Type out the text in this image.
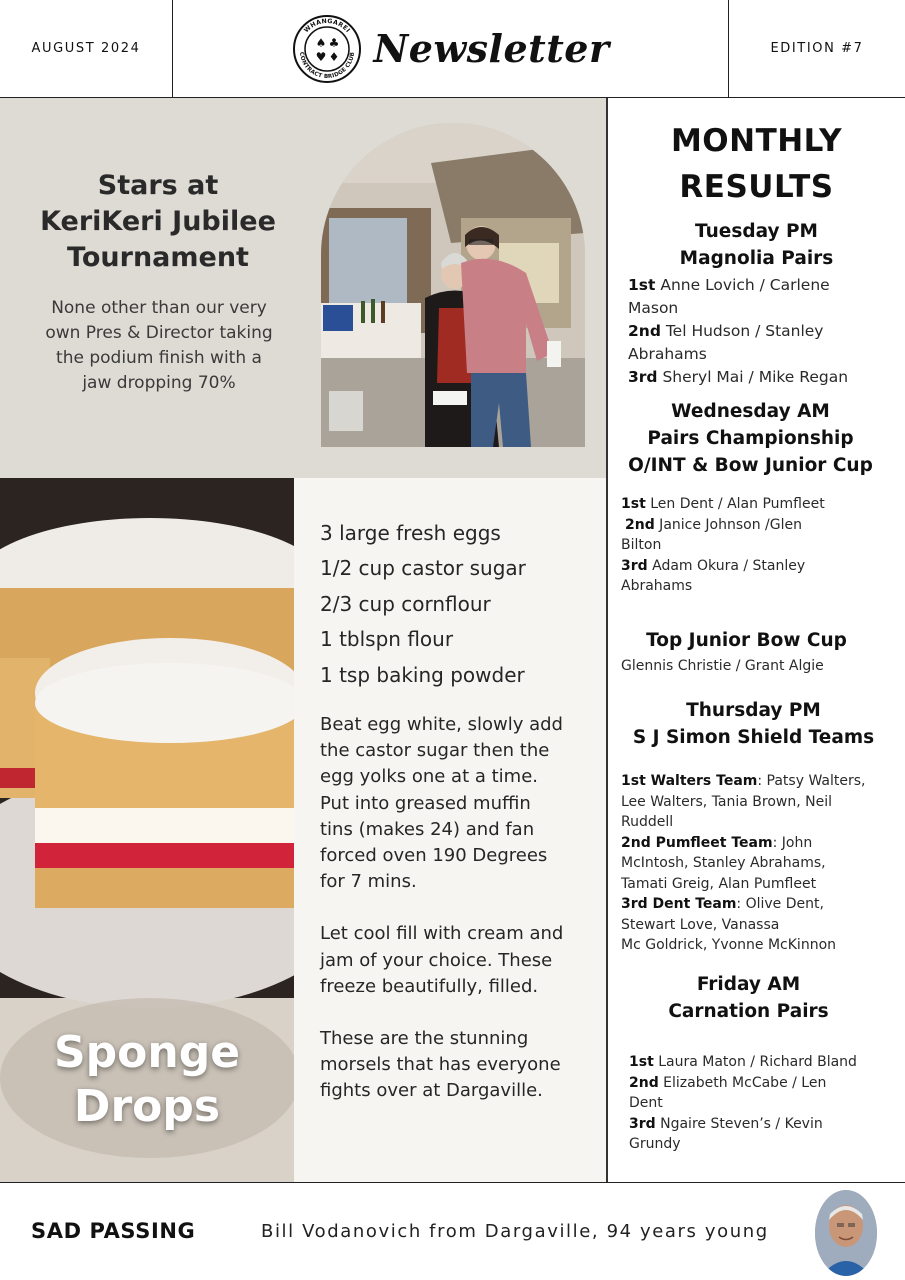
AUGUST 2024
WHANGAREI
CONTRACT BRIDGE CLUB
♠ ♣
♥ ♦ Newsletter	EDITION #7
Stars at
KeriKeri Jubilee
Tournament
None other than our very
own Pres & Director taking
the podium finish with a
jaw dropping 70%
Sponge
Drops
3 large fresh eggs
1/2 cup castor sugar
2/3 cup cornflour
1 tblspn flour
1 tsp baking powder

Beat egg white, slowly add
the castor sugar then the
egg yolks one at a time.
Put into greased muffin
tins (makes 24) and fan
forced oven 190 Degrees
for 7 mins.

Let cool fill with cream and
jam of your choice. These
freeze beautifully, filled.

These are the stunning
morsels that has everyone
fights over at Dargaville.

MONTHLY
RESULTS
Tuesday PM
Magnolia Pairs
1st Anne Lovich / Carlene
Mason
2nd Tel Hudson / Stanley
Abrahams
3rd Sheryl Mai / Mike Regan
Wednesday AM
Pairs Championship
O/INT & Bow Junior Cup
1st Len Dent / Alan Pumfleet
2nd Janice Johnson /Glen
Bilton
3rd Adam Okura / Stanley
Abrahams
Top Junior Bow Cup
Glennis Christie / Grant Algie
Thursday PM
S J Simon Shield Teams
1st Walters Team: Patsy Walters,
Lee Walters, Tania Brown, Neil
Ruddell
2nd Pumfleet Team: John
McIntosh, Stanley Abrahams,
Tamati Greig, Alan Pumfleet
3rd Dent Team: Olive Dent,
Stewart Love, Vanassa
Mc Goldrick, Yvonne McKinnon
Friday AM
Carnation Pairs
1st Laura Maton / Richard Bland
2nd Elizabeth McCabe / Len
Dent
3rd Ngaire Steven’s / Kevin
Grundy
SAD PASSING	Bill Vodanovich from Dargaville, 94 years young
